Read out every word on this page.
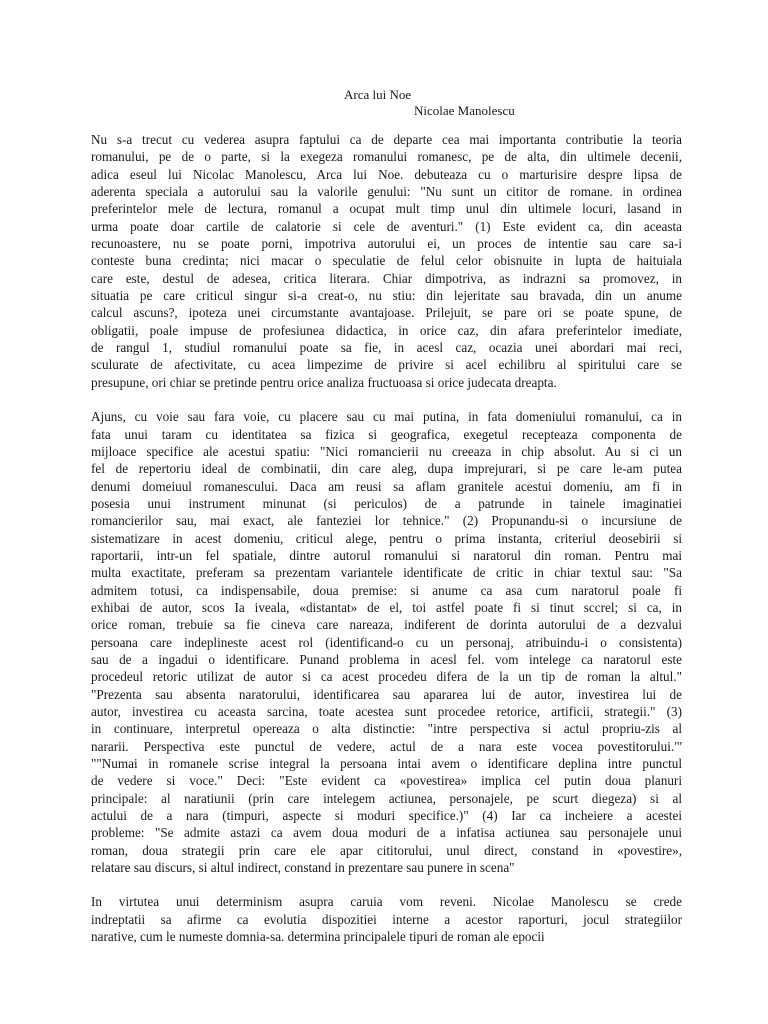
Arca lui Noe
Nicolae Manolescu

Nu s-a trecut cu vederea asupra faptului ca de departe cea mai importanta contributie la teoria
romanului, pe de o parte, si la exegeza romanului romanesc, pe de alta, din ultimele decenii,
adica eseul lui Nicolac Manolescu, Arca lui Noe. debuteaza cu o marturisire despre lipsa de
aderenta speciala a autorului sau la valorile genului: "Nu sunt un cititor de romane. in ordinea
preferintelor mele de lectura, romanul a ocupat mult timp unul din ultimele locuri, lasand in
urma poate doar cartile de calatorie si cele de aventuri." (1) Este evident ca, din aceasta
recunoastere, nu se poate porni, impotriva autorului ei, un proces de intentie sau care sa-i
conteste buna credinta; nici macar o speculatie de felul celor obisnuite in lupta de haituiala
care este, destul de adesea, critica literara. Chiar dimpotriva, as indrazni sa promovez, in
situatia pe care criticul singur si-a creat-o, nu stiu: din lejeritate sau bravada, din un anume
calcul ascuns?, ipoteza unei circumstante avantajoase. Prilejuit, se pare ori se poate spune, de
obligatii, poale impuse de profesiunea didactica, in orice caz, din afara preferintelor imediate,
de rangul 1, studiul romanului poate sa fie, in acesl caz, ocazia unei abordari mai reci,
sculurate de afectivitate, cu acea limpezime de privire si acel echilibru al spiritului care se
presupune, ori chiar se pretinde pentru orice analiza fructuoasa si orice judecata dreapta.

Ajuns, cu voie sau fara voie, cu placere sau cu mai putina, in fata domeniului romanului, ca in
fata unui taram cu identitatea sa fizica si geografica, exegetul recepteaza componenta de
mijloace specifice ale acestui spatiu: "Nici romancierii nu creeaza in chip absolut. Au si ci un
fel de repertoriu ideal de combinatii, din care aleg, dupa imprejurari, si pe care le-am putea
denumi domeiuul romanescului. Daca am reusi sa aflam granitele acestui domeniu, am fi in
posesia unui instrument minunat (si periculos) de a patrunde in tainele imaginatiei
romancierilor sau, mai exact, ale fanteziei lor tehnice." (2) Propunandu-si o incursiune de
sistematizare in acest domeniu, criticul alege, pentru o prima instanta, criteriul deosebirii si
raportarii, intr-un fel spatiale, dintre autorul romanului si naratorul din roman. Pentru mai
multa exactitate, preferam sa prezentam variantele identificate de critic in chiar textul sau: "Sa
admitem totusi, ca indispensabile, doua premise: si anume ca asa cum naratorul poale fi
exhibai de autor, scos Ia iveala, «distantat» de el, toi astfel poate fi si tinut sccrel; si ca, in
orice roman, trebuie sa fie cineva care nareaza, indiferent de dorinta autorului de a dezvalui
persoana care indeplineste acest rol (identificand-o cu un personaj, atribuindu-i o consistenta)
sau de a ingadui o identificare. Punand problema in acesl fel. vom intelege ca naratorul este
procedeul retoric utilizat de autor si ca acest procedeu difera de la un tip de roman la altul."
"Prezenta sau absenta naratorului, identificarea sau apararea lui de autor, investirea lui de
autor, investirea cu aceasta sarcina, toate acestea sunt procedee retorice, artificii, strategii." (3)
in continuare, interpretul opereaza o alta distinctie: "intre perspectiva si actul propriu-zis al
nararii. Perspectiva este punctul de vedere, actul de a nara este vocea povestitorului."'
""Numai in romanele scrise integral la persoana intai avem o identificare deplina intre punctul
de vedere si voce." Deci: "Este evident ca «povestirea» implica cel putin doua planuri
principale: al naratiunii (prin care intelegem actiunea, personajele, pe scurt diegeza) si al
actului de a nara (timpuri, aspecte si moduri specifice.)" (4) Iar ca incheiere a acestei
probleme: "Se admite astazi ca avem doua moduri de a infatisa actiunea sau personajele unui
roman, doua strategii prin care ele apar cititorului, unul direct, constand in «povestire»,
relatare sau discurs, si altul indirect, constand in prezentare sau punere in scena"

In virtutea unui determinism asupra caruia vom reveni. Nicolae Manolescu se crede
indreptatii sa afirme ca evolutia dispozitiei interne a acestor raporturi, jocul strategiilor
narative, cum le numeste domnia-sa. determina principalele tipuri de roman ale epocii
